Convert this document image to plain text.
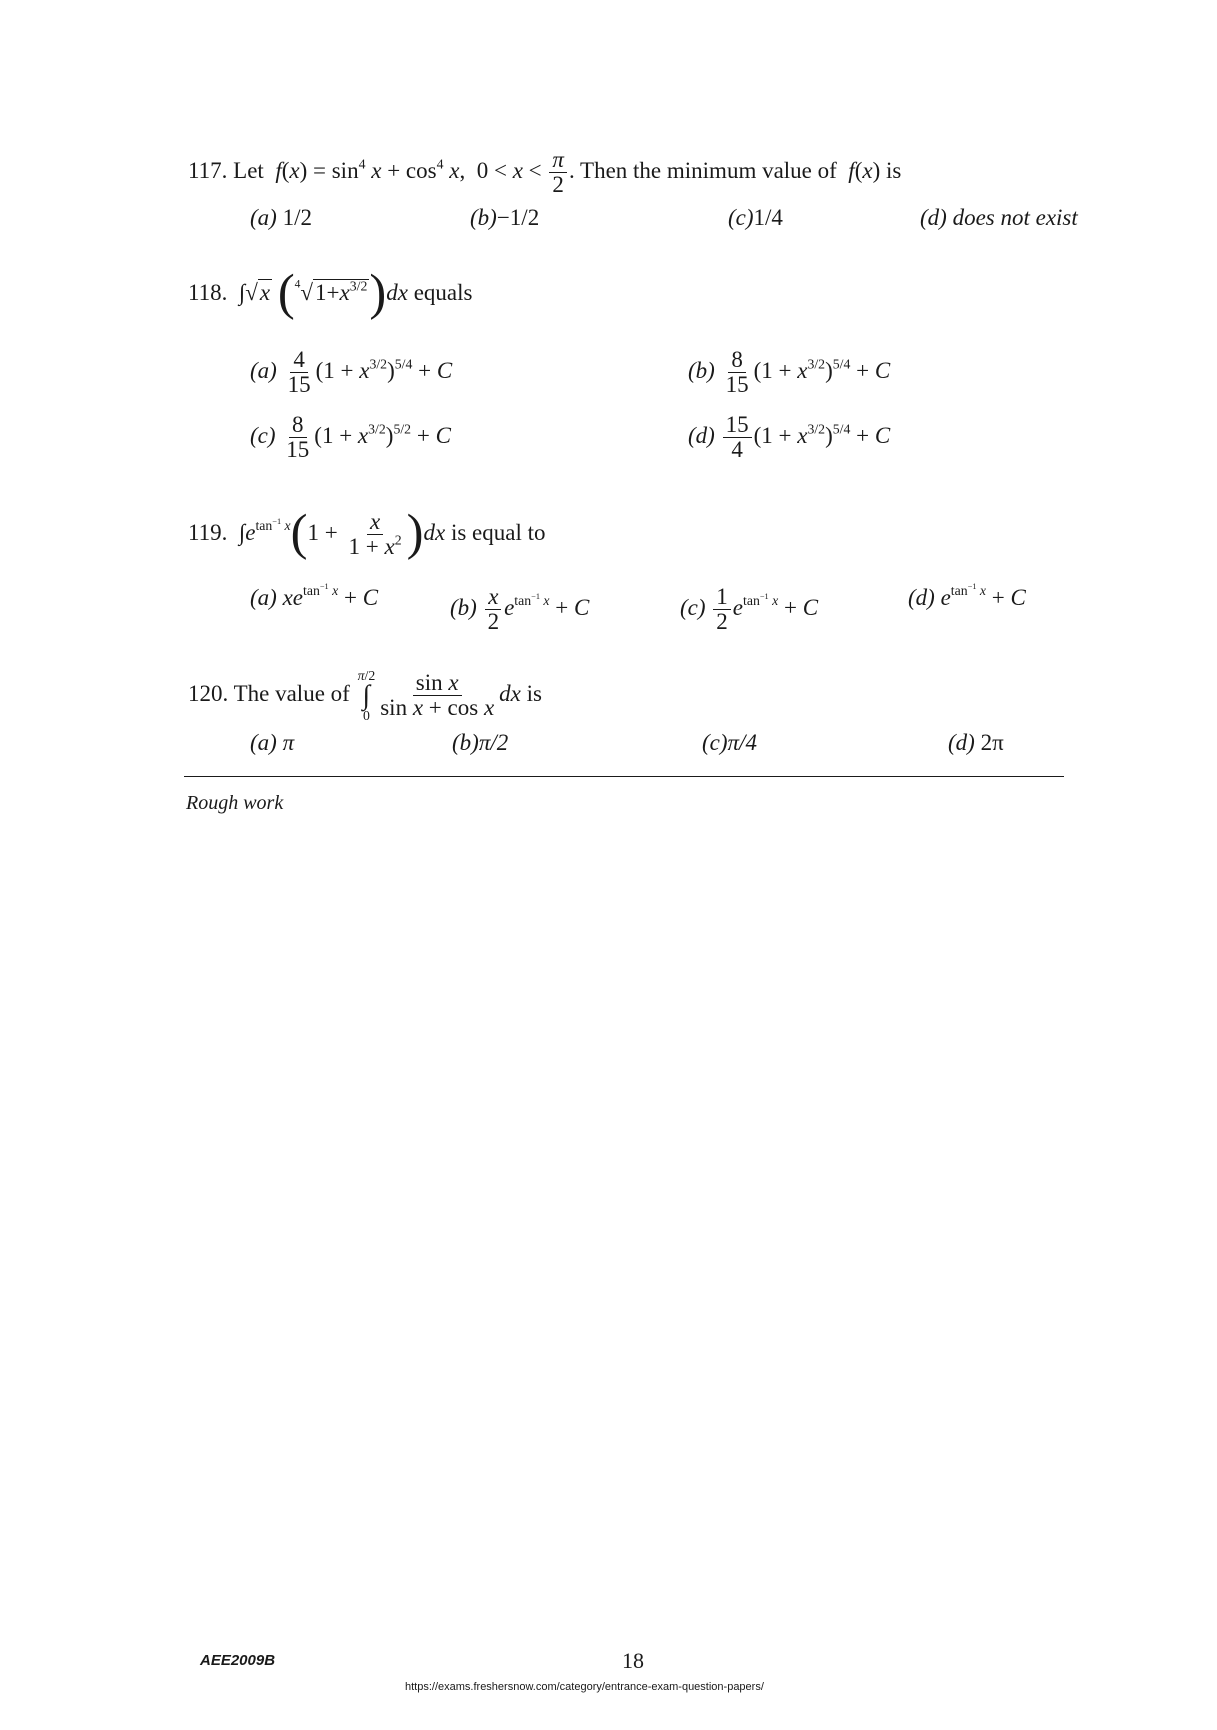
117. Let $f(x) = \sin^4 x + \cos^4 x$,  $0 < x < \frac{\pi}{2}$ . Then the minimum value of f(x) is
(a) 1/2	(b)−1/2	(c)1/4	(d) does not exist
118.  ∫√x $(^4√1+x^{3/2})dx$ equals
$(a) \frac{4}{15} (1 + x^{3/2})^{5/4} + C$	$(b) \frac{8}{15} (1 + x^{3/2})^{5/4} + C$
$(c) \frac{8}{15} (1 + x^{3/2})^{5/2} + C$	$(d) \frac{15}{4} (1 + x^{3/2})^{5/4} + C$
119.  $\int e^{tan^{-1} x}(1 + \frac{x}{1 + x^2} )dx$ is equal to
(a) $xe^{tan^{-1} x} + C$	$(b) \frac{x}{2} e^{tan^{-1} x} + C$	$(c) \frac{1}{2} e^{tan^{-1} x} + C$	(d) $e^{tan^{-1} x} + C$
120. The value of
π/2
∫
$0 \frac{\text{sin x}}{\text{sin x + cos x}}$ dx is
(a) π	(b)π/2	(c)π/4	(d) 2π
Rough work
AEE2009B	18
https://exams.freshersnow.com/category/entrance-exam-question-papers/
